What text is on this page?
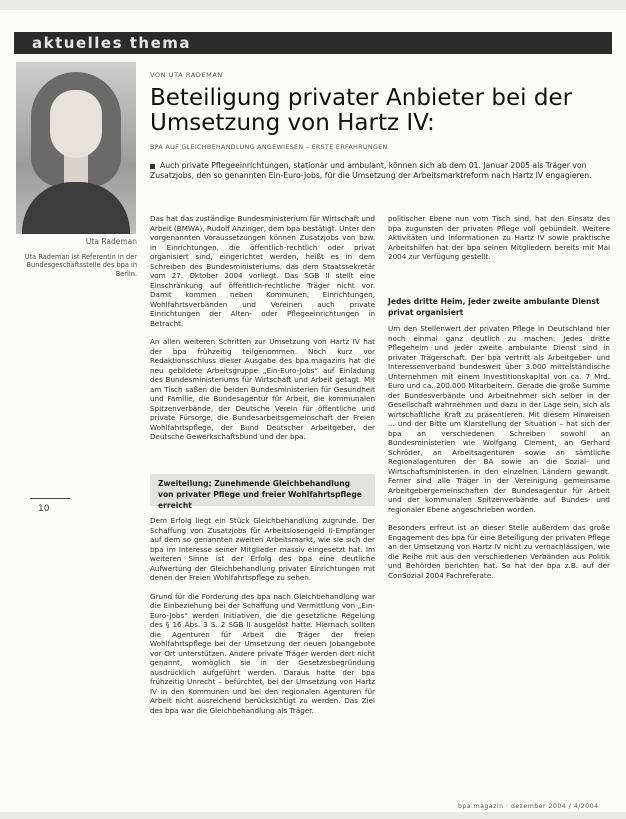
aktuelles thema
Uta Rademan
Uta Rademan ist Referentin in der Bundesgeschäftsstelle des bpa in Berlin.
10
VON UTA RADEMAN
Beteiligung privater Anbieter bei der Umsetzung von Hartz IV:
BPA AUF GLEICHBEHANDLUNG ANGEWIESEN – ERSTE ERFAHRUNGEN
Auch private Pflegeeinrichtungen, stationär und ambulant, können sich ab dem 01. Januar 2005 als Träger von Zusatzjobs, den so genannten Ein-Euro-Jobs, für die Umsetzung der Arbeitsmarktreform nach Hartz IV engagieren.

Das hat das zuständige Bundesministerium für Wirtschaft und Arbeit (BMWA), Rudolf Anzinger, dem bpa bestätigt. Unter den vorgenannten Voraussetzungen können Zusatzjobs von bzw. in Einrichtungen, die öffentlich-rechtlich oder privat organisiert sind, eingerichtet werden, heißt es in dem Schreiben des Bundesministeriums, das dem Staatssekretär vom 27. Oktober 2004 vorliegt. Das SGB II stellt eine Einschränkung auf öffentlich-rechtliche Träger nicht vor. Damit kommen neben Kommunen, Einrichtungen, Wohlfahrtsverbänden und Vereinen auch private Einrichtungen der Alten- oder Pflegeeinrichtungen in Betracht.

An allen weiteren Schritten zur Umsetzung von Hartz IV hat der bpa frühzeitig teilgenommen. Noch kurz vor Redaktionsschluss dieser Ausgabe des bpa.magazins hat die neu gebildete Arbeitsgruppe „Ein-Euro-Jobs“ auf Einladung des Bundesministeriums für Wirtschaft und Arbeit getagt. Mit am Tisch saßen die beiden Bundesministerien für Gesundheit und Familie, die Bundesagentur für Arbeit, die kommunalen Spitzenverbände, der Deutsche Verein für öffentliche und private Fürsorge, die Bundesarbeitsgemeinschaft der Freien Wohlfahrtspflege, der Bund Deutscher Arbeitgeber, der Deutsche Gewerkschaftsbund und der bpa.

Zweiteilung: Zunehmende Gleichbehandlung von privater Pflege und freier Wohlfahrtspflege erreicht

Dem Erfolg liegt ein Stück Gleichbehandlung zugrunde. Der Schaffung von Zusatzjobs für Arbeitslosengeld II-Empfänger auf dem so genannten zweiten Arbeitsmarkt, wie sie sich der bpa im Interesse seiner Mitglieder massiv eingesetzt hat. Im weiteren Sinne ist der Erfolg des bpa eine deutliche Aufwertung der Gleichbehandlung privater Einrichtungen mit denen der Freien Wohlfahrtspflege zu sehen.

Grund für die Forderung des bpa nach Gleichbehandlung war die Einbeziehung bei der Schaffung und Vermittlung von „Ein-Euro-Jobs“ werden Initiativen, die die gesetzliche Regelung des § 16 Abs. 3 S. 2 SGB II ausgelöst hatte. Hiernach sollten die Agenturen für Arbeit die Träger der freien Wohlfahrtspflege bei der Umsetzung der neuen Jobangebote vor Ort unterstützen. Andere private Träger werden dort nicht genannt, womöglich sie in der Gesetzesbegründung ausdrücklich aufgeführt werden. Daraus hatte der bpa frühzeitig Unrecht – befürchtet, bei der Umsetzung von Hartz IV in den Kommunen und bei den regionalen Agenturen für Arbeit nicht ausreichend berücksichtigt zu werden. Das Ziel des bpa war die Gleichbehandlung als Träger.

politischer Ebene nun vom Tisch sind, hat den Einsatz des bpa zugunsten der privaten Pflege voll gebündelt. Weitere Aktivitäten und Informationen zu Hartz IV sowie praktische Arbeitshilfen hat der bpa seinen Mitgliedern bereits mit Mai 2004 zur Verfügung gestellt.

Jedes dritte Heim, jeder zweite ambulante Dienst privat organisiert

Um den Stellenwert der privaten Pflege in Deutschland hier noch einmal ganz deutlich zu machen: Jedes dritte Pflegeheim und jeder zweite ambulante Dienst sind in privater Trägerschaft. Der bpa vertritt als Arbeitgeber- und Interessenverband bundesweit über 3.000 mittelständische Unternehmen mit einem Investitionskapital von ca. 7 Mrd. Euro und ca. 200.000 Mitarbeitern. Gerade die große Summe der Bundesverbände und Arbeitnehmer sich selber in der Gesellschaft wahrnehmen und dazu in der Lage sein, sich als wirtschaftliche Kraft zu präsentieren. Mit diesem Hinweisen ... und der Bitte um Klarstellung der Situation – hat sich der bpa an verschiedenen Schreiben sowohl an Bundesministerien wie Wolfgang Clement, an Gerhard Schröder, an Arbeitsagenturen sowie an sämtliche Regionalagenturen der BA sowie an die Sozial- und Wirtschaftsministerien in den einzelnen Ländern gewandt. Ferner sind alle Träger in der Vereinigung gemeinsame Arbeitgebergemeinschaften der Bundesagentur für Arbeit und der kommunalen Spitzenverbände auf Bundes- und regionaler Ebene angeschrieben worden.

Besonders erfreut ist an dieser Stelle außerdem das große Engagement des bpa für eine Beteiligung der privaten Pflege an der Umsetzung von Hartz IV nicht zu vernachlässigen, wie die Reihe mit aus den verschiedenen Verbänden aus Politik und Behörden berichten hat. So hat der bpa z.B. auf der ConSozial 2004 Fachreferate.

bpa.magazin · dezember 2004 / 4/2004
